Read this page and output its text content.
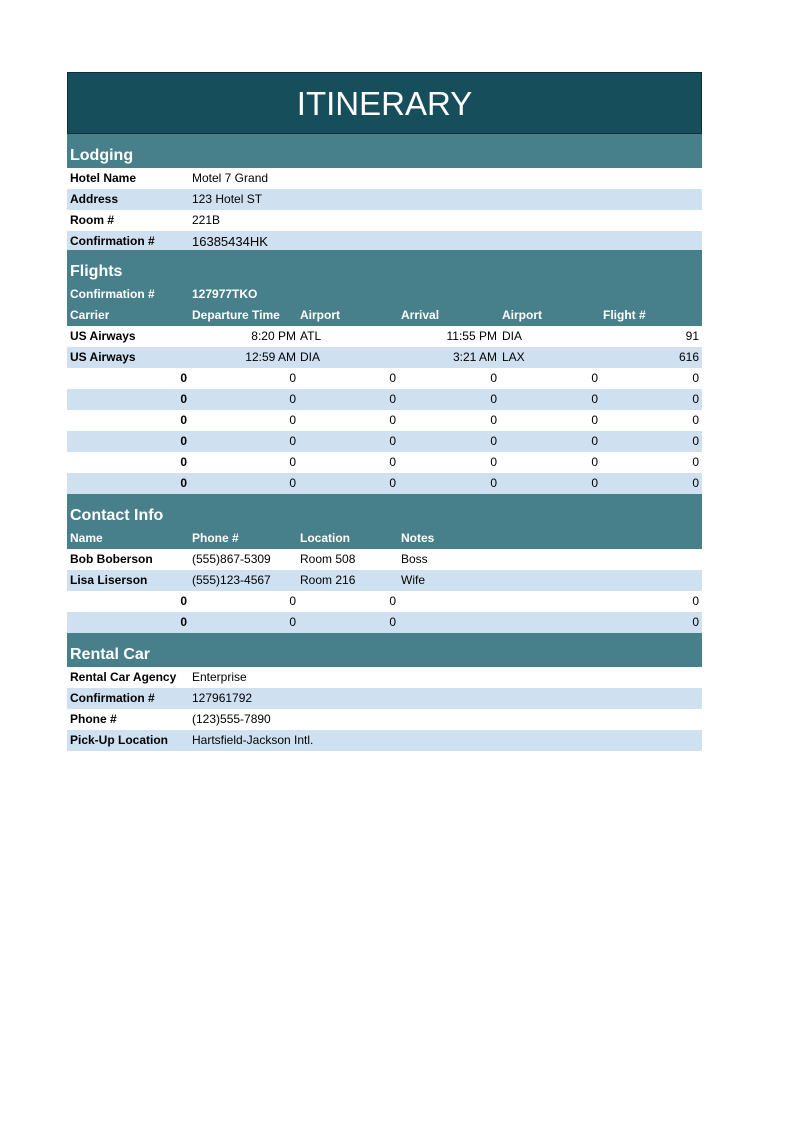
ITINERARY
Lodging
Hotel Name	Motel 7 Grand
Address	123 Hotel ST
Room #	221B
Confirmation #	16385434HK
Flights
Confirmation #	127977TKO
Carrier	Departure Time Airport	Arrival	Airport	Flight #
US Airways	8:20 PM ATL	11:55 PM DIA	91
US Airways	12:59 AM DIA	3:21 AM LAX	616
0	0	0	0	0	0
0	0	0	0	0	0
0	0	0	0	0	0
0	0	0	0	0	0
0	0	0	0	0	0
0	0	0	0	0	0
Contact Info
Name	Phone #	Location	Notes
Bob Boberson	(555)867-5309 Room 508	Boss
Lisa Liserson	(555)123-4567 Room 216	Wife
0	0	0	0
0	0	0	0
Rental Car
Rental Car Agency	Enterprise
Confirmation #	127961792
Phone #	(123)555-7890
Pick-Up Location	Hartsfield-Jackson Intl.
